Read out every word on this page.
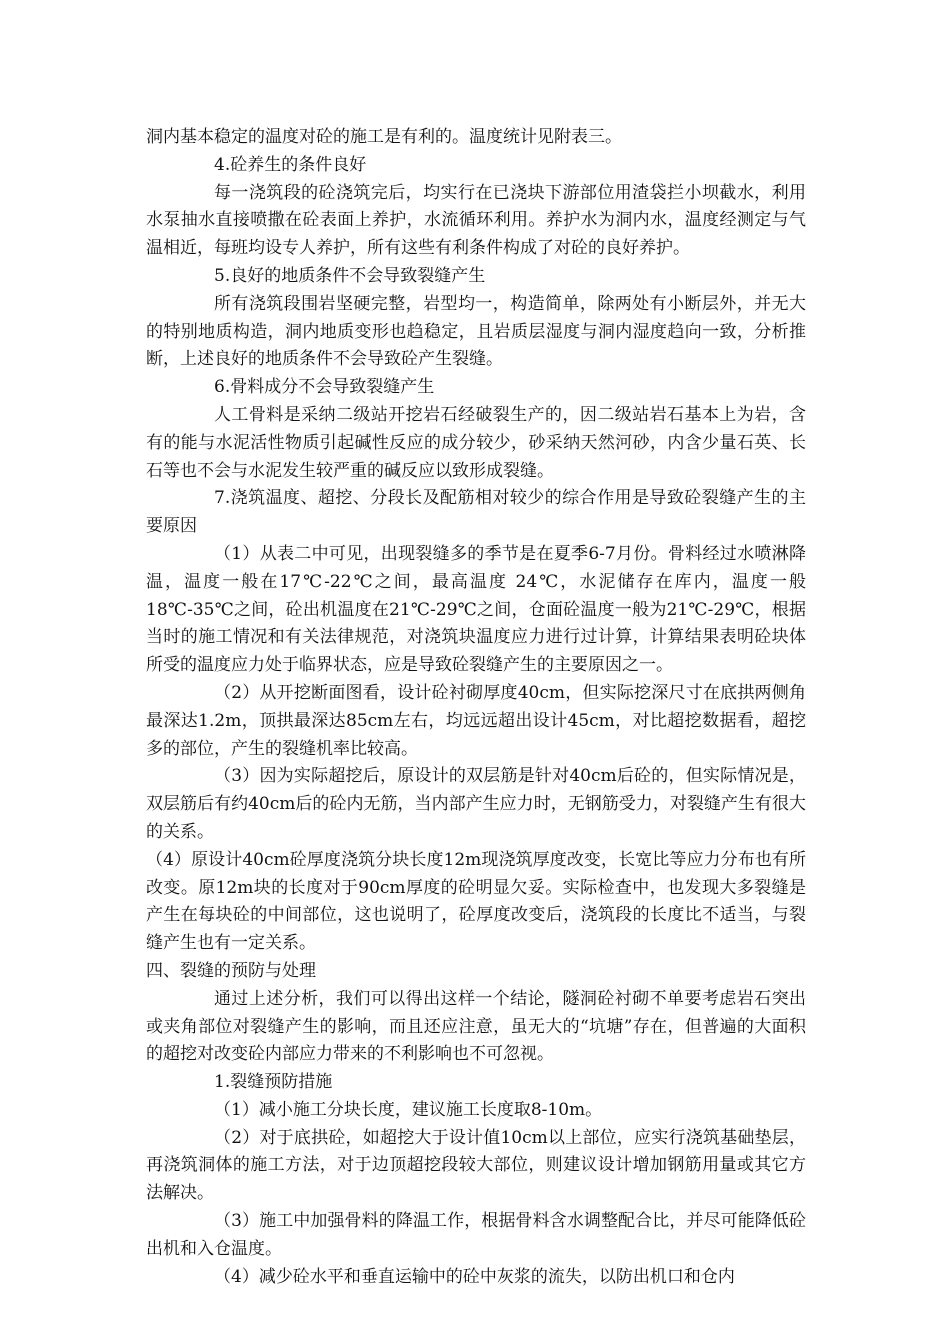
洞内基本稳定的温度对砼的施工是有利的。温度统计见附表三。

4.砼养生的条件良好

每一浇筑段的砼浇筑完后，均实行在已浇块下游部位用渣袋拦小坝截水，利用水泵抽水直接喷撒在砼表面上养护，水流循环利用。养护水为洞内水，温度经测定与气温相近，每班均设专人养护，所有这些有利条件构成了对砼的良好养护。

5.良好的地质条件不会导致裂缝产生

所有浇筑段围岩坚硬完整，岩型均一，构造简单，除两处有小断层外，并无大的特别地质构造，洞内地质变形也趋稳定，且岩质层湿度与洞内湿度趋向一致，分析推断，上述良好的地质条件不会导致砼产生裂缝。

6.骨料成分不会导致裂缝产生

人工骨料是采纳二级站开挖岩石经破裂生产的，因二级站岩石基本上为岩，含有的能与水泥活性物质引起碱性反应的成分较少，砂采纳天然河砂，内含少量石英、长石等也不会与水泥发生较严重的碱反应以致形成裂缝。

7.浇筑温度、超挖、分段长及配筋相对较少的综合作用是导致砼裂缝产生的主要原因

（1）从表二中可见，出现裂缝多的季节是在夏季6-7月份。骨料经过水喷淋降温，温度一般在17℃-22℃之间，最高温度 24℃，水泥储存在库内，温度一般18℃-35℃之间，砼出机温度在21℃-29℃之间，仓面砼温度一般为21℃-29℃，根据当时的施工情况和有关法律规范，对浇筑块温度应力进行过计算，计算结果表明砼块体所受的温度应力处于临界状态，应是导致砼裂缝产生的主要原因之一。

（2）从开挖断面图看，设计砼衬砌厚度40cm，但实际挖深尺寸在底拱两侧角最深达1.2m，顶拱最深达85cm左右，均远远超出设计45cm，对比超挖数据看，超挖多的部位，产生的裂缝机率比较高。

（3）因为实际超挖后，原设计的双层筋是针对40cm后砼的，但实际情况是，双层筋后有约40cm后的砼内无筋，当内部产生应力时，无钢筋受力，对裂缝产生有很大的关系。

（4）原设计40cm砼厚度浇筑分块长度12m现浇筑厚度改变，长宽比等应力分布也有所改变。原12m块的长度对于90cm厚度的砼明显欠妥。实际检查中，也发现大多裂缝是产生在每块砼的中间部位，这也说明了，砼厚度改变后，浇筑段的长度比不适当，与裂缝产生也有一定关系。

四、裂缝的预防与处理

通过上述分析，我们可以得出这样一个结论，隧洞砼衬砌不单要考虑岩石突出或夹角部位对裂缝产生的影响，而且还应注意，虽无大的“坑塘”存在，但普遍的大面积的超挖对改变砼内部应力带来的不利影响也不可忽视。

1.裂缝预防措施

（1）减小施工分块长度，建议施工长度取8-10m。

（2）对于底拱砼，如超挖大于设计值10cm以上部位，应实行浇筑基础垫层，再浇筑洞体的施工方法，对于边顶超挖段较大部位，则建议设计增加钢筋用量或其它方法解决。

（3）施工中加强骨料的降温工作，根据骨料含水调整配合比，并尽可能降低砼出机和入仓温度。

（4）减少砼水平和垂直运输中的砼中灰浆的流失，以防出机口和仓内
